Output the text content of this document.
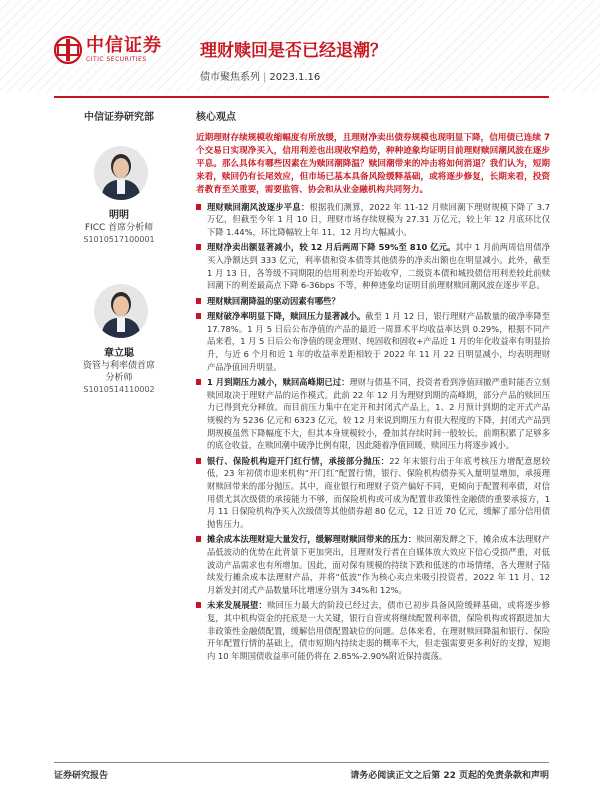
中信证券
CITIC SECURITIES	理财赎回是否已经退潮？
债市聚焦系列 | 2023.1.16
中信证券研究部
明明
FICC 首席分析师
S1010517100001
章立聪
资管与利率债首席
分析师
S1010514110002
核心观点
近期理财存续规模收缩幅度有所放缓，且理财净卖出债券规模也现明显下降，信用债已连续 7 个交易日实现净买入，信用利差也出现收窄趋势，种种迹象均证明目前理财赎回潮风波在逐步平息。那么具体有哪些因素在为赎回潮降温？赎回潮带来的冲击将如何消退？我们认为，短期来看，赎回仍有长尾效应，但市场已基本具备风险缓释基础，或将逐步修复，长期来看，投资者教育至关重要，需要监管、协会和从业金融机构共同努力。
理财赎回潮风波逐步平息：根据我们测算，2022 年 11-12 月赎回潮下理财规模下降了 3.7 万亿，但截至今年 1 月 10 日，理财市场存续规模为 27.31 万亿元，较上年 12 月底环比仅下降 1.44%，环比降幅较上年 11、12 月均大幅减小。
理财净卖出额显著减小，较 12 月后两周下降 59%至 810 亿元。其中 1 月前两周信用债净买入净额达到 333 亿元，利率债和资本债等其他债券的净卖出额也在明显减小。此外，截至 1 月 13 日，各等级不同期限的信用利差均开始收窄，二级资本债和城投债信用利差较此前赎回潮下的利差最高点下降 6-36bps 不等，种种迹象均证明目前理财赎回潮风波在逐步平息。
理财赎回潮降温的驱动因素有哪些？
理财破净率明显下降，赎回压力显著减小。截至 1 月 12 日，银行理财产品数量的破净率降至 17.78%。1 月 5 日后公布净值的产品的最近一周算术平均收益率达到 0.29%，根据不同产品来看，1 月 5 日后公布净值的现金理财、纯固收和固收+产品近 1 月的年化收益率有明显抬升，与近 6 个月和近 1 年的收益率差距相较于 2022 年 11 月 22 日明显减小，均表明理财产品净值回升明显。
1 月到期压力减小，赎回高峰期已过：理财与债基不同，投资者看到净值回撤严重时能否立刻赎回取决于理财产品的运作模式。此前 22 年 12 月为理财到期的高峰期，部分产品的赎回压力已得到充分释放。而目前压力集中在定开和封闭式产品上，1、2 月预计到期的定开式产品规模约为 5236 亿元和 6323 亿元，较 12 月来说到期压力有很大程度的下降，封闭式产品到期规模虽然下降幅度不大，但其本身规模较小，叠加其存续时间一般较长，前期积累了足够多的底仓收益，在赎回潮中破净比例有限，因此随着净值回暖，赎回压力将逐步减小。
银行、保险机构迎开门红行情，承接部分抛压：22 年末银行出于年底考核压力增配意愿较低，23 年初债市迎来机构“开门红”配置行情，银行、保险机构债券买入量明显增加，承接理财赎回带来的部分抛压。其中，商业银行和理财子资产偏好不同，更倾向于配置利率债，对信用债尤其次级债的承接能力不够，而保险机构或可成为配置非政策性金融债的重要承接方，1 月 11 日保险机构净买入次级债等其他债券超 80 亿元，12 日近 70 亿元，缓解了部分信用债抛售压力。
摊余成本法理财迎大量发行，缓解理财赎回带来的压力：赎回潮发酵之下，摊余成本法理财产品低波动的优势在此背景下更加突出，且理财发行者在自媒体放大效应下信心受损严重，对低波动产品需求也有所增加。因此，面对保有规模的持续下跌和低迷的市场情绪，各大理财子陆续发行摊余成本法理财产品，并将“低波”作为核心卖点来吸引投资者，2022 年 11 月、12 月新发封闭式产品数量环比增速分别为 34%和 12%。
未来发展展望：赎回压力最大的阶段已经过去，债市已初步具备风险缓释基础，或将逐步修复，其中机构资金的托底是一大关键，银行自营或将继续配置利率债，保险机构或将跟进加大非政策性金融债配置，缓解信用债配置缺位的问题。总体来看，在理财赎回降温和银行、保险开年配置行情的基础上，债市短期内持续走弱的概率不大，但走强需要更多利好的支撑，短期内 10 年期国债收益率可能仍将在 2.85%-2.90%附近保持震荡。
证券研究报告	请务必阅读正文之后第 22 页起的免责条款和声明
